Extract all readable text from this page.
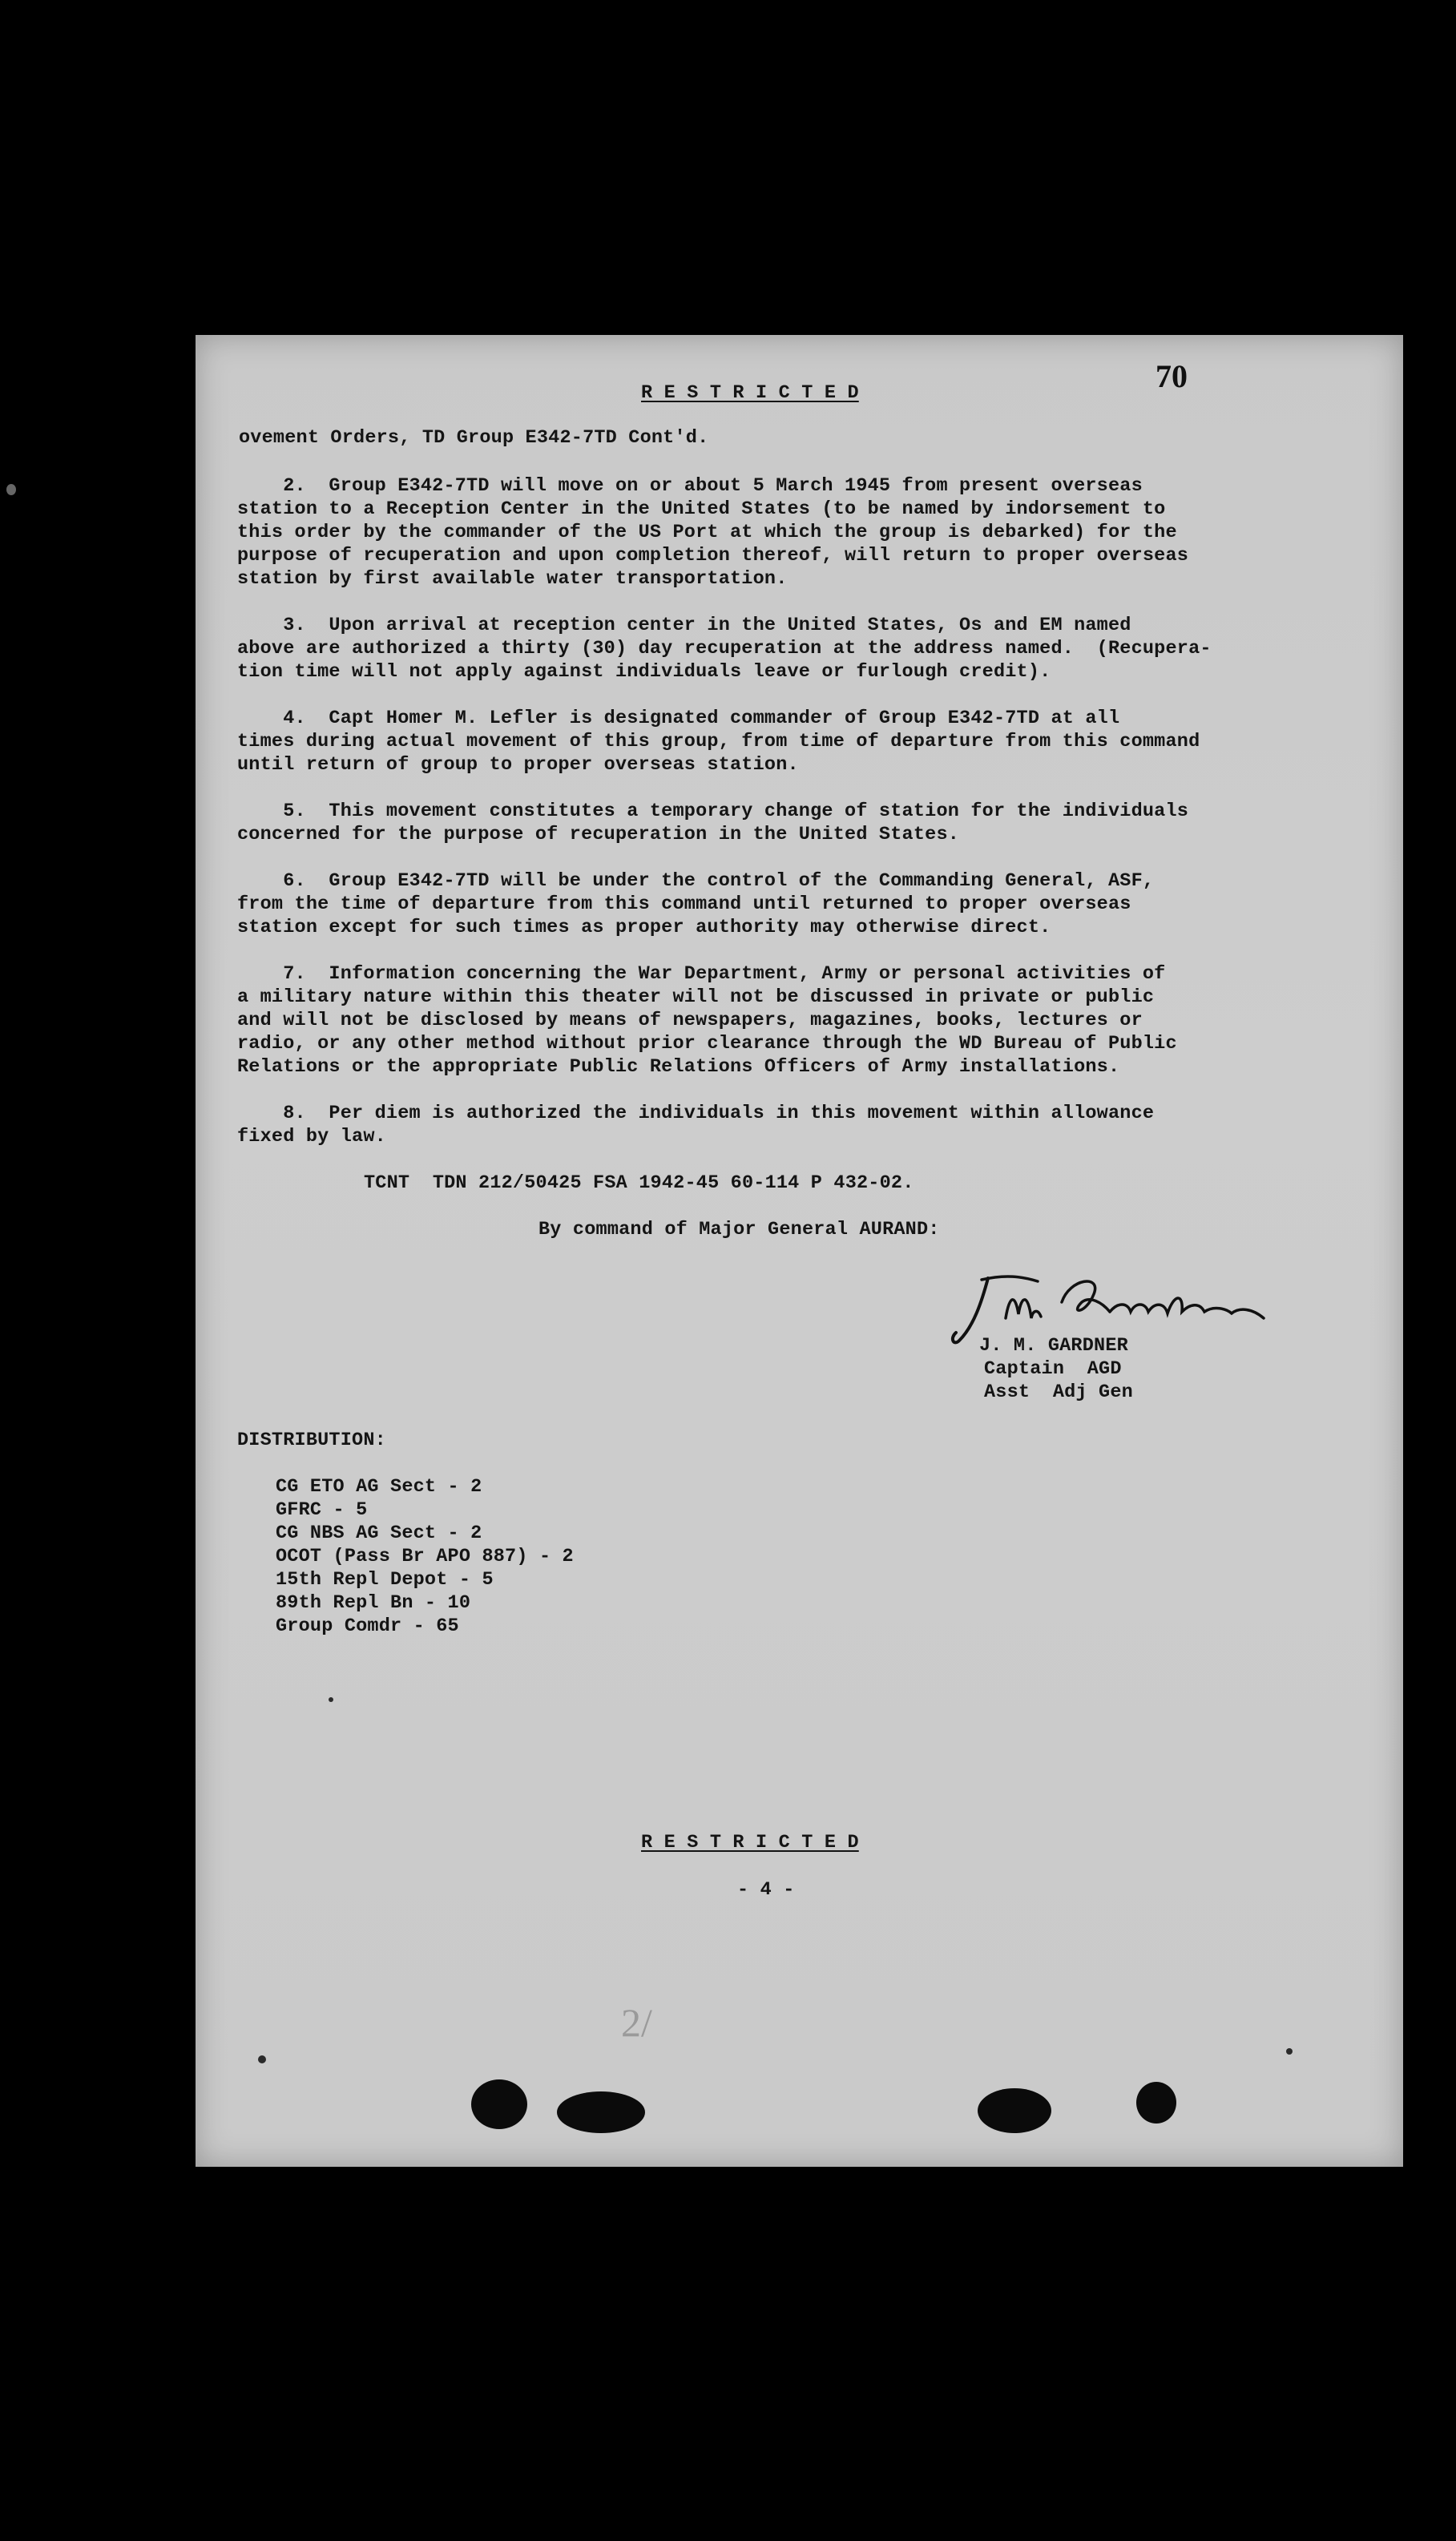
70
R E S T R I C T E D
ovement Orders, TD Group E342-7TD Cont'd.
2.  Group E342-7TD will move on or about 5 March 1945 from present overseas
station to a Reception Center in the United States (to be named by indorsement to
this order by the commander of the US Port at which the group is debarked) for the
purpose of recuperation and upon completion thereof, will return to proper overseas
station by first available water transportation.
3.  Upon arrival at reception center in the United States, Os and EM named
above are authorized a thirty (30) day recuperation at the address named.  (Recupera-
tion time will not apply against individuals leave or furlough credit).
4.  Capt Homer M. Lefler is designated commander of Group E342-7TD at all
times during actual movement of this group, from time of departure from this command
until return of group to proper overseas station.
5.  This movement constitutes a temporary change of station for the individuals
concerned for the purpose of recuperation in the United States.
6.  Group E342-7TD will be under the control of the Commanding General, ASF,
from the time of departure from this command until returned to proper overseas
station except for such times as proper authority may otherwise direct.
7.  Information concerning the War Department, Army or personal activities of
a military nature within this theater will not be discussed in private or public
and will not be disclosed by means of newspapers, magazines, books, lectures or
radio, or any other method without prior clearance through the WD Bureau of Public
Relations or the appropriate Public Relations Officers of Army installations.
8.  Per diem is authorized the individuals in this movement within allowance
fixed by law.
TCNT  TDN 212/50425 FSA 1942-45 60-114 P 432-02.
By command of Major General AURAND:
J. M. GARDNER
Captain  AGD
Asst  Adj Gen
DISTRIBUTION:
CG ETO AG Sect - 2
GFRC - 5
CG NBS AG Sect - 2
OCOT (Pass Br APO 887) - 2
15th Repl Depot - 5
89th Repl Bn - 10
Group Comdr - 65
R E S T R I C T E D
- 4 -
2/
